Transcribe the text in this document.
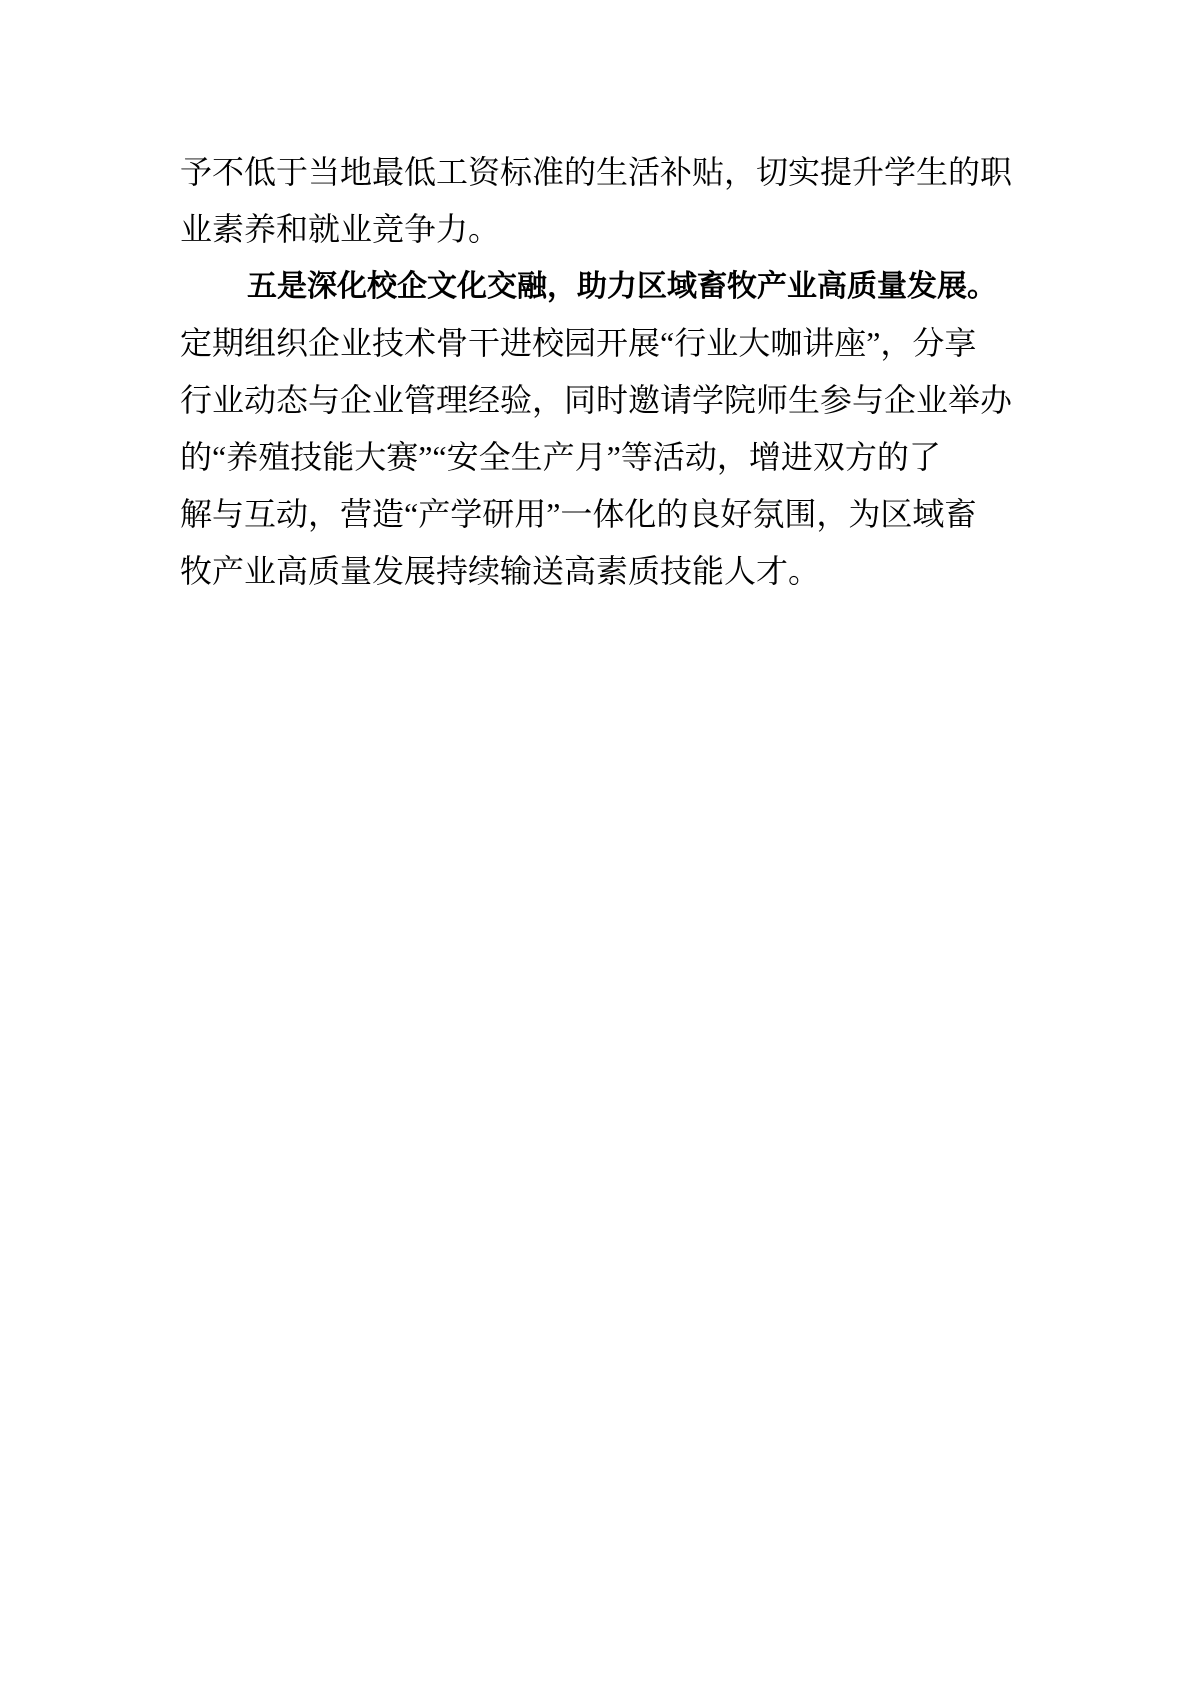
予不低于当地最低工资标准的生活补贴，切实提升学生的职
业素养和就业竞争力。
五是深化校企文化交融，助力区域畜牧产业高质量发展。
定期组织企业技术骨干进校园开展“行业大咖讲座”，分享
行业动态与企业管理经验，同时邀请学院师生参与企业举办
的“养殖技能大赛”“安全生产月”等活动，增进双方的了
解与互动，营造“产学研用”一体化的良好氛围，为区域畜
牧产业高质量发展持续输送高素质技能人才。
